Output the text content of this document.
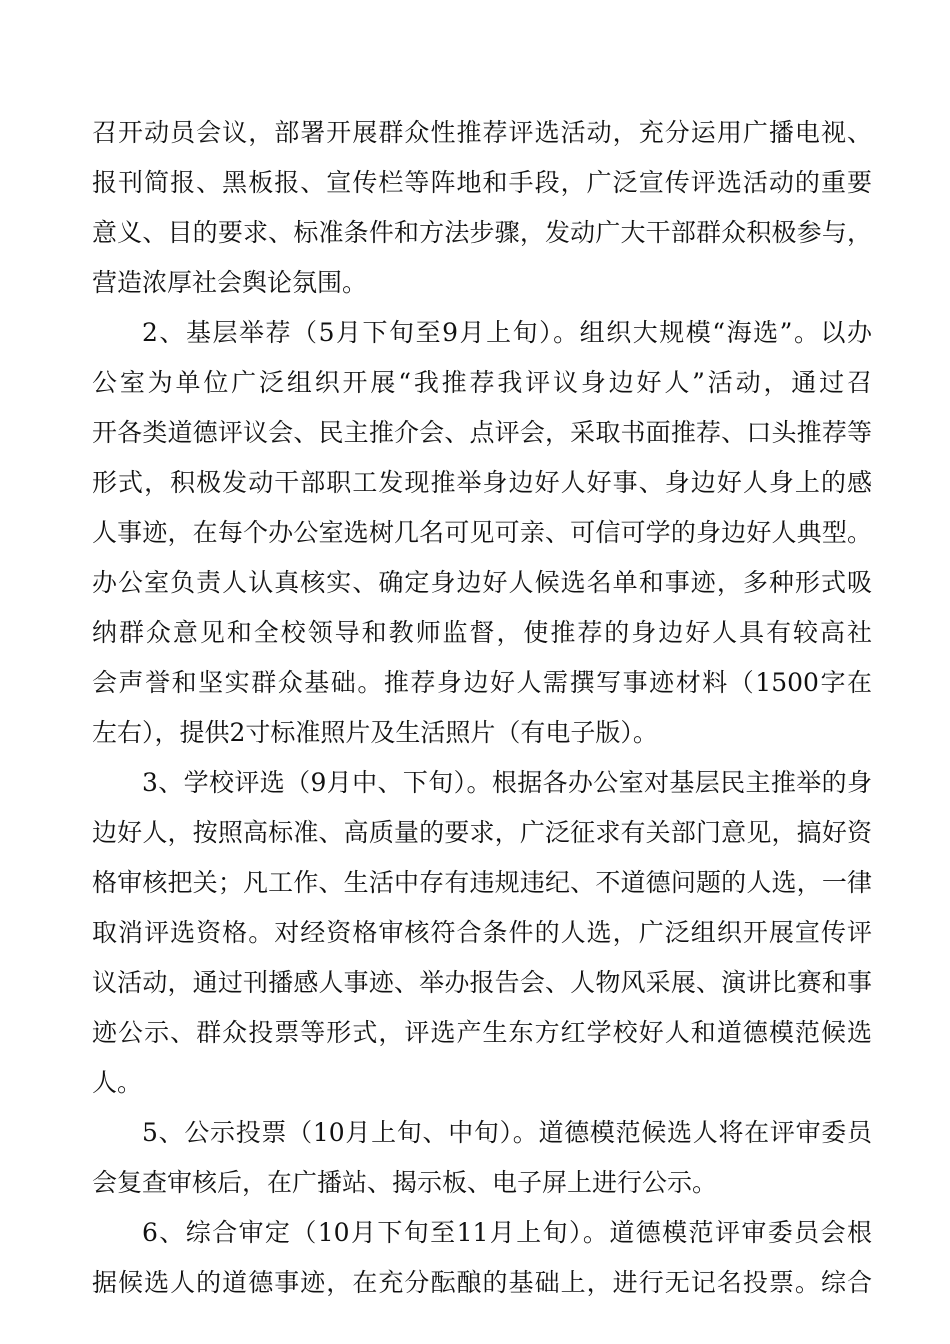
召开动员会议，部署开展群众性推荐评选活动，充分运用广播电视、
报刊简报、黑板报、宣传栏等阵地和手段，广泛宣传评选活动的重要
意义、目的要求、标准条件和方法步骤，发动广大干部群众积极参与，
营造浓厚社会舆论氛围。
2、基层举荐（5月下旬至9月上旬）。组织大规模“海选”。以办
公室为单位广泛组织开展“我推荐我评议身边好人”活动，通过召
开各类道德评议会、民主推介会、点评会，采取书面推荐、口头推荐等
形式，积极发动干部职工发现推举身边好人好事、身边好人身上的感
人事迹，在每个办公室选树几名可见可亲、可信可学的身边好人典型。
办公室负责人认真核实、确定身边好人候选名单和事迹，多种形式吸
纳群众意见和全校领导和教师监督，使推荐的身边好人具有较高社
会声誉和坚实群众基础。推荐身边好人需撰写事迹材料（1500字在
左右），提供2寸标准照片及生活照片（有电子版）。
3、学校评选（9月中、下旬）。根据各办公室对基层民主推举的身
边好人，按照高标准、高质量的要求，广泛征求有关部门意见，搞好资
格审核把关；凡工作、生活中存有违规违纪、不道德问题的人选，一律
取消评选资格。对经资格审核符合条件的人选，广泛组织开展宣传评
议活动，通过刊播感人事迹、举办报告会、人物风采展、演讲比赛和事
迹公示、群众投票等形式，评选产生东方红学校好人和道德模范候选
人。
5、公示投票（10月上旬、中旬）。道德模范候选人将在评审委员
会复查审核后，在广播站、揭示板、电子屏上进行公示。
6、综合审定（10月下旬至11月上旬）。道德模范评审委员会根
据候选人的道德事迹，在充分酝酿的基础上，进行无记名投票。综合
